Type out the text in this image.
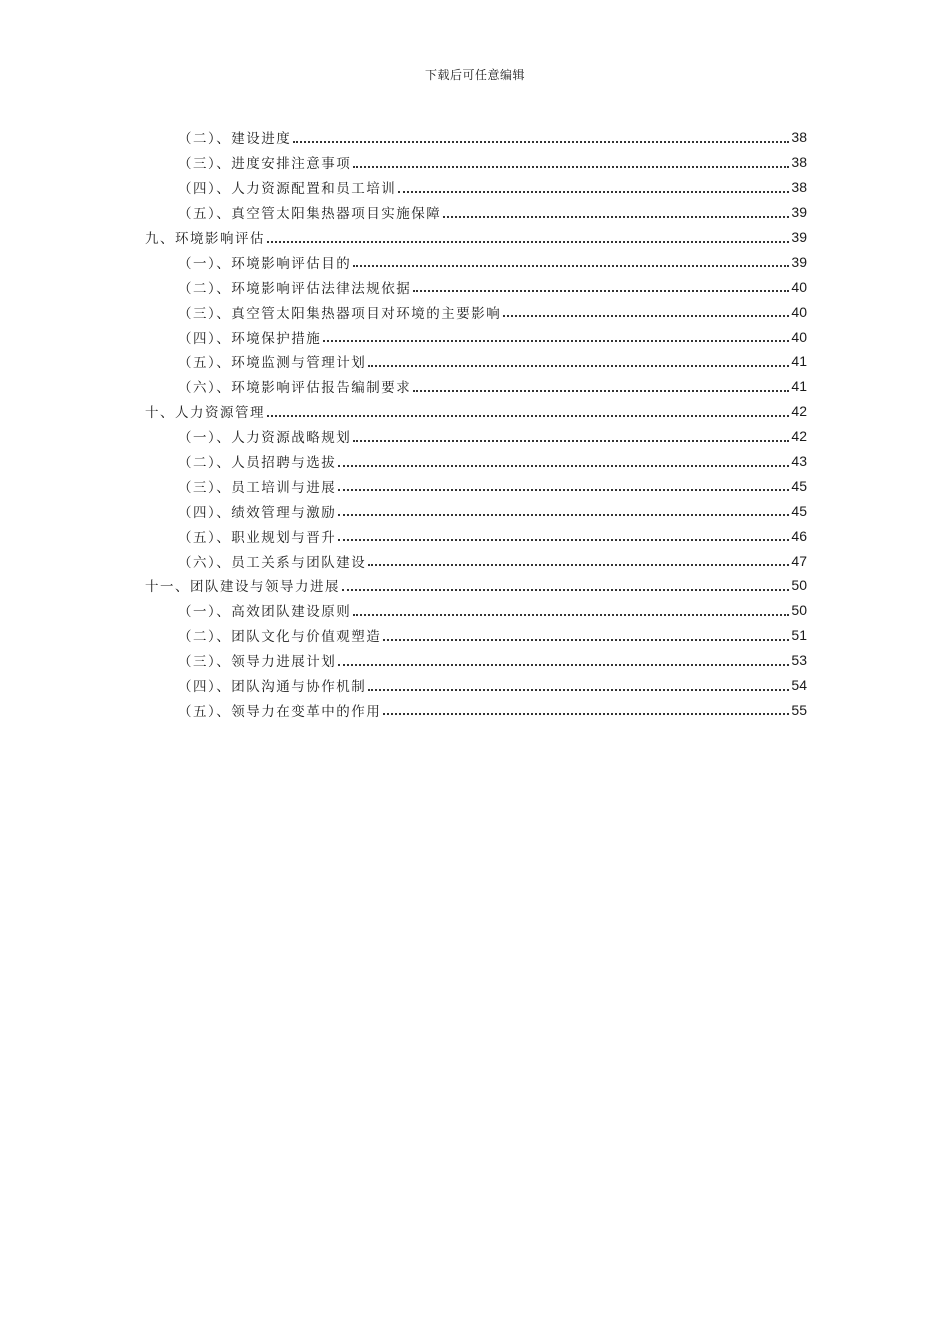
下载后可任意编辑
（二）、建设进度	38
（三）、进度安排注意事项	38
（四）、人力资源配置和员工培训	38
（五）、真空管太阳集热器项目实施保障	39
九、环境影响评估	39
（一）、环境影响评估目的	39
（二）、环境影响评估法律法规依据	40
（三）、真空管太阳集热器项目对环境的主要影响	40
（四）、环境保护措施	40
（五）、环境监测与管理计划	41
（六）、环境影响评估报告编制要求	41
十、人力资源管理	42
（一）、人力资源战略规划	42
（二）、人员招聘与选拔	43
（三）、员工培训与进展	45
（四）、绩效管理与激励	45
（五）、职业规划与晋升	46
（六）、员工关系与团队建设	47
十一、团队建设与领导力进展	50
（一）、高效团队建设原则	50
（二）、团队文化与价值观塑造	51
（三）、领导力进展计划	53
（四）、团队沟通与协作机制	54
（五）、领导力在变革中的作用	55
